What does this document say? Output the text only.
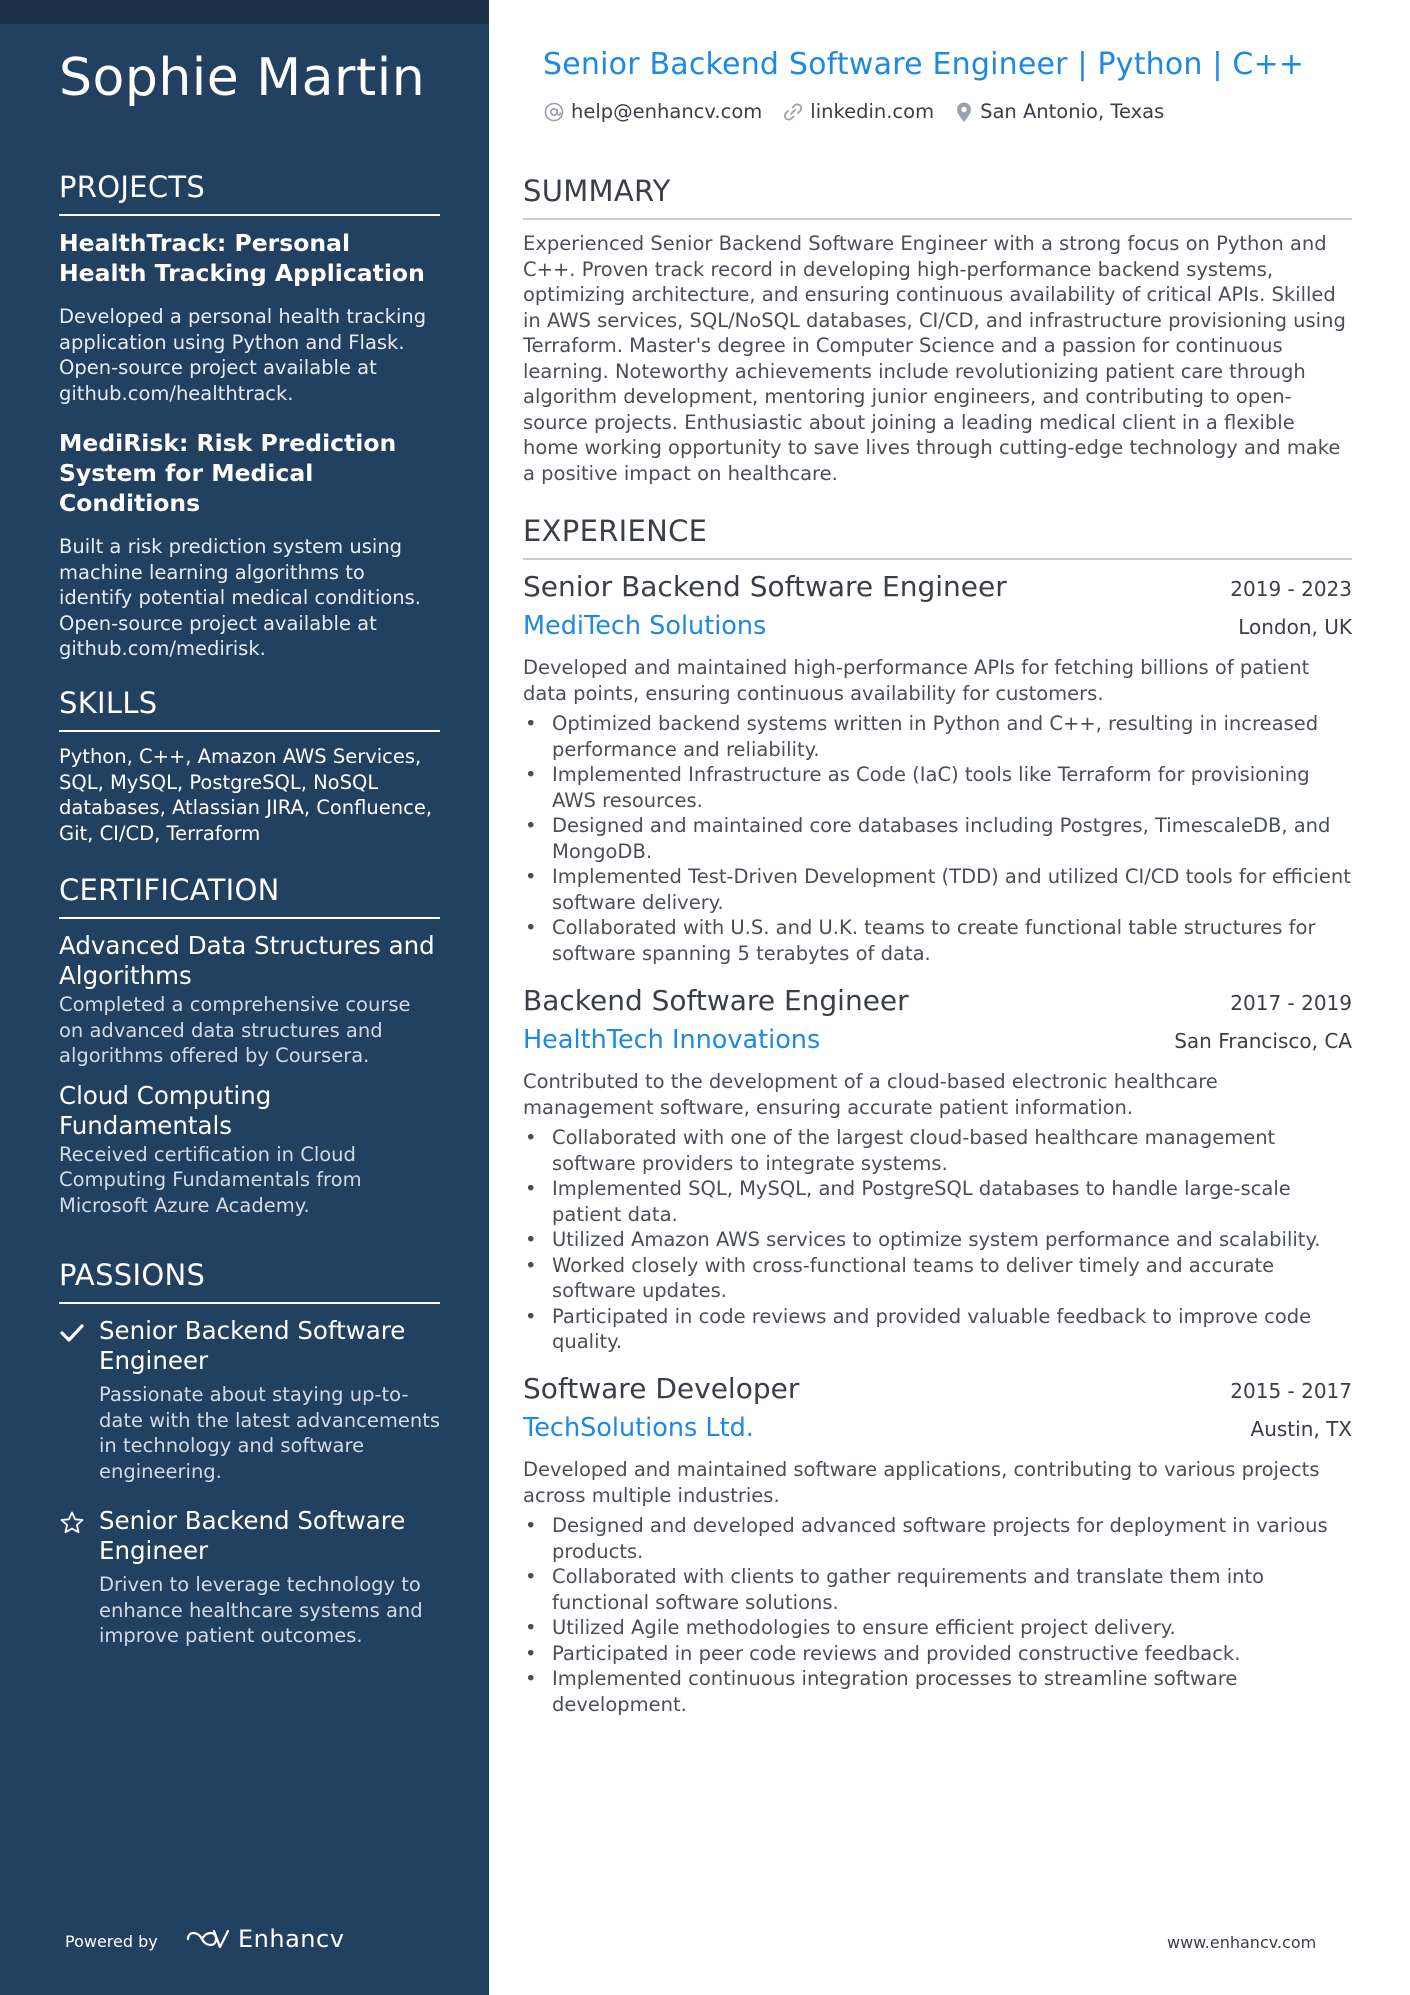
Sophie Martin
PROJECTS
HealthTrack: Personal Health Tracking Application
Developed a personal health tracking application using Python and Flask. Open-source project available at github.com/healthtrack.
MediRisk: Risk Prediction System for Medical Conditions
Built a risk prediction system using machine learning algorithms to identify potential medical conditions. Open-source project available at github.com/medirisk.
SKILLS
Python, C++, Amazon AWS Services, SQL, MySQL, PostgreSQL, NoSQL databases, Atlassian JIRA, Confluence, Git, CI/CD, Terraform
CERTIFICATION
Advanced Data Structures and Algorithms
Completed a comprehensive course on advanced data structures and algorithms offered by Coursera.
Cloud Computing Fundamentals
Received certification in Cloud Computing Fundamentals from Microsoft Azure Academy.
PASSIONS
Senior Backend Software Engineer
Passionate about staying up-to-date with the latest advancements in technology and software engineering.
Senior Backend Software Engineer
Driven to leverage technology to enhance healthcare systems and improve patient outcomes.
Powered by	Enhancv
Senior Backend Software Engineer | Python | C++
help@enhancv.com linkedin.com San Antonio, Texas
SUMMARY
Experienced Senior Backend Software Engineer with a strong focus on Python and C++. Proven track record in developing high-performance backend systems, optimizing architecture, and ensuring continuous availability of critical APIs. Skilled in AWS services, SQL/NoSQL databases, CI/CD, and infrastructure provisioning using Terraform. Master's degree in Computer Science and a passion for continuous learning. Noteworthy achievements include revolutionizing patient care through algorithm development, mentoring junior engineers, and contributing to open-source projects. Enthusiastic about joining a leading medical client in a flexible home working opportunity to save lives through cutting-edge technology and make a positive impact on healthcare.
EXPERIENCE
Senior Backend Software Engineer	2019 - 2023
MediTech Solutions	London, UK
Developed and maintained high-performance APIs for fetching billions of patient data points, ensuring continuous availability for customers.
• Optimized backend systems written in Python and C++, resulting in increased performance and reliability.
• Implemented Infrastructure as Code (IaC) tools like Terraform for provisioning AWS resources.
• Designed and maintained core databases including Postgres, TimescaleDB, and MongoDB.
• Implemented Test-Driven Development (TDD) and utilized CI/CD tools for efficient software delivery.
• Collaborated with U.S. and U.K. teams to create functional table structures for software spanning 5 terabytes of data.
Backend Software Engineer	2017 - 2019
HealthTech Innovations	San Francisco, CA
Contributed to the development of a cloud-based electronic healthcare management software, ensuring accurate patient information.
• Collaborated with one of the largest cloud-based healthcare management software providers to integrate systems.
• Implemented SQL, MySQL, and PostgreSQL databases to handle large-scale patient data.
• Utilized Amazon AWS services to optimize system performance and scalability.
• Worked closely with cross-functional teams to deliver timely and accurate software updates.
• Participated in code reviews and provided valuable feedback to improve code quality.
Software Developer	2015 - 2017
TechSolutions Ltd.	Austin, TX
Developed and maintained software applications, contributing to various projects across multiple industries.
• Designed and developed advanced software projects for deployment in various products.
• Collaborated with clients to gather requirements and translate them into functional software solutions.
• Utilized Agile methodologies to ensure efficient project delivery.
• Participated in peer code reviews and provided constructive feedback.
• Implemented continuous integration processes to streamline software development.
www.enhancv.com
